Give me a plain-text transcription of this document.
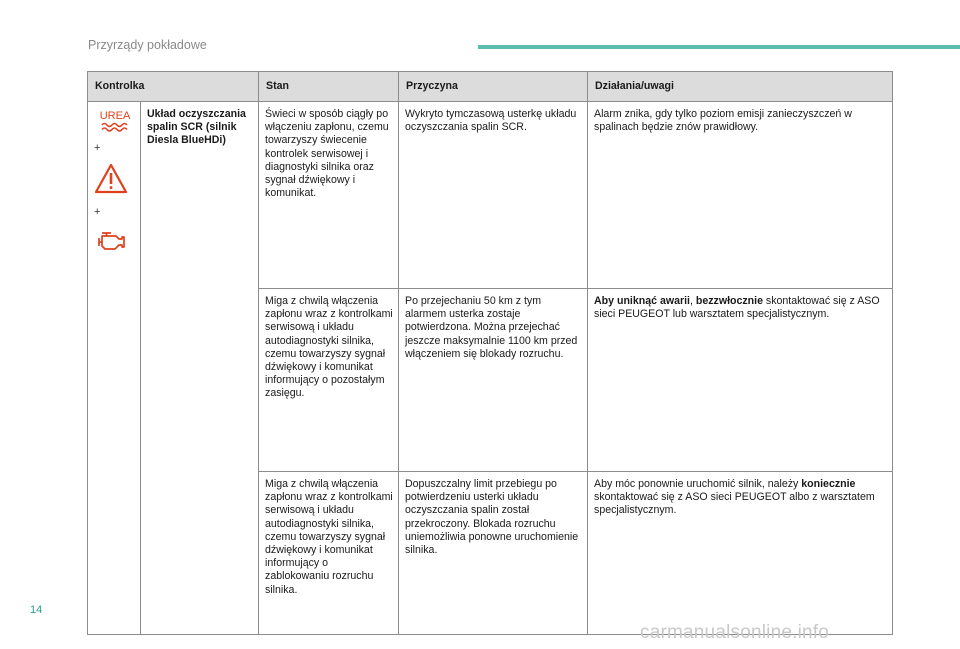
Przyrządy pokładowe
Kontrolka		Stan	Przyczyna	Działania/uwagi

UREA
+
+	Układ oczyszczania spalin SCR (silnik Diesla BlueHDi)	Świeci w sposób ciągły po włączeniu zapłonu, czemu towarzyszy świecenie kontrolek serwisowej i diagnostyki silnika oraz sygnał dźwiękowy i komunikat.	Wykryto tymczasową usterkę układu oczyszczania spalin SCR.	Alarm znika, gdy tylko poziom emisji zanieczyszczeń w spalinach będzie znów prawidłowy.
		Miga z chwilą włączenia zapłonu wraz z kontrolkami serwisową i układu autodiagnostyki silnika, czemu towarzyszy sygnał dźwiękowy i komunikat informujący o pozostałym zasięgu.	Po przejechaniu 50 km z tym alarmem usterka zostaje potwierdzona. Można przejechać jeszcze maksymalnie 1100 km przed włączeniem się blokady rozruchu.	Aby uniknąć awarii, bezzwłocznie skontaktować się z ASO sieci PEUGEOT lub warsztatem specjalistycznym.
		Miga z chwilą włączenia zapłonu wraz z kontrolkami serwisową i układu autodiagnostyki silnika, czemu towarzyszy sygnał dźwiękowy i komunikat informujący o zablokowaniu rozruchu silnika.	Dopuszczalny limit przebiegu po potwierdzeniu usterki układu oczyszczania spalin został przekroczony. Blokada rozruchu uniemożliwia ponowne uruchomienie silnika.	Aby móc ponownie uruchomić silnik, należy koniecznie skontaktować się z ASO sieci PEUGEOT albo z warsztatem specjalistycznym.
14
carmanualsonline.info
